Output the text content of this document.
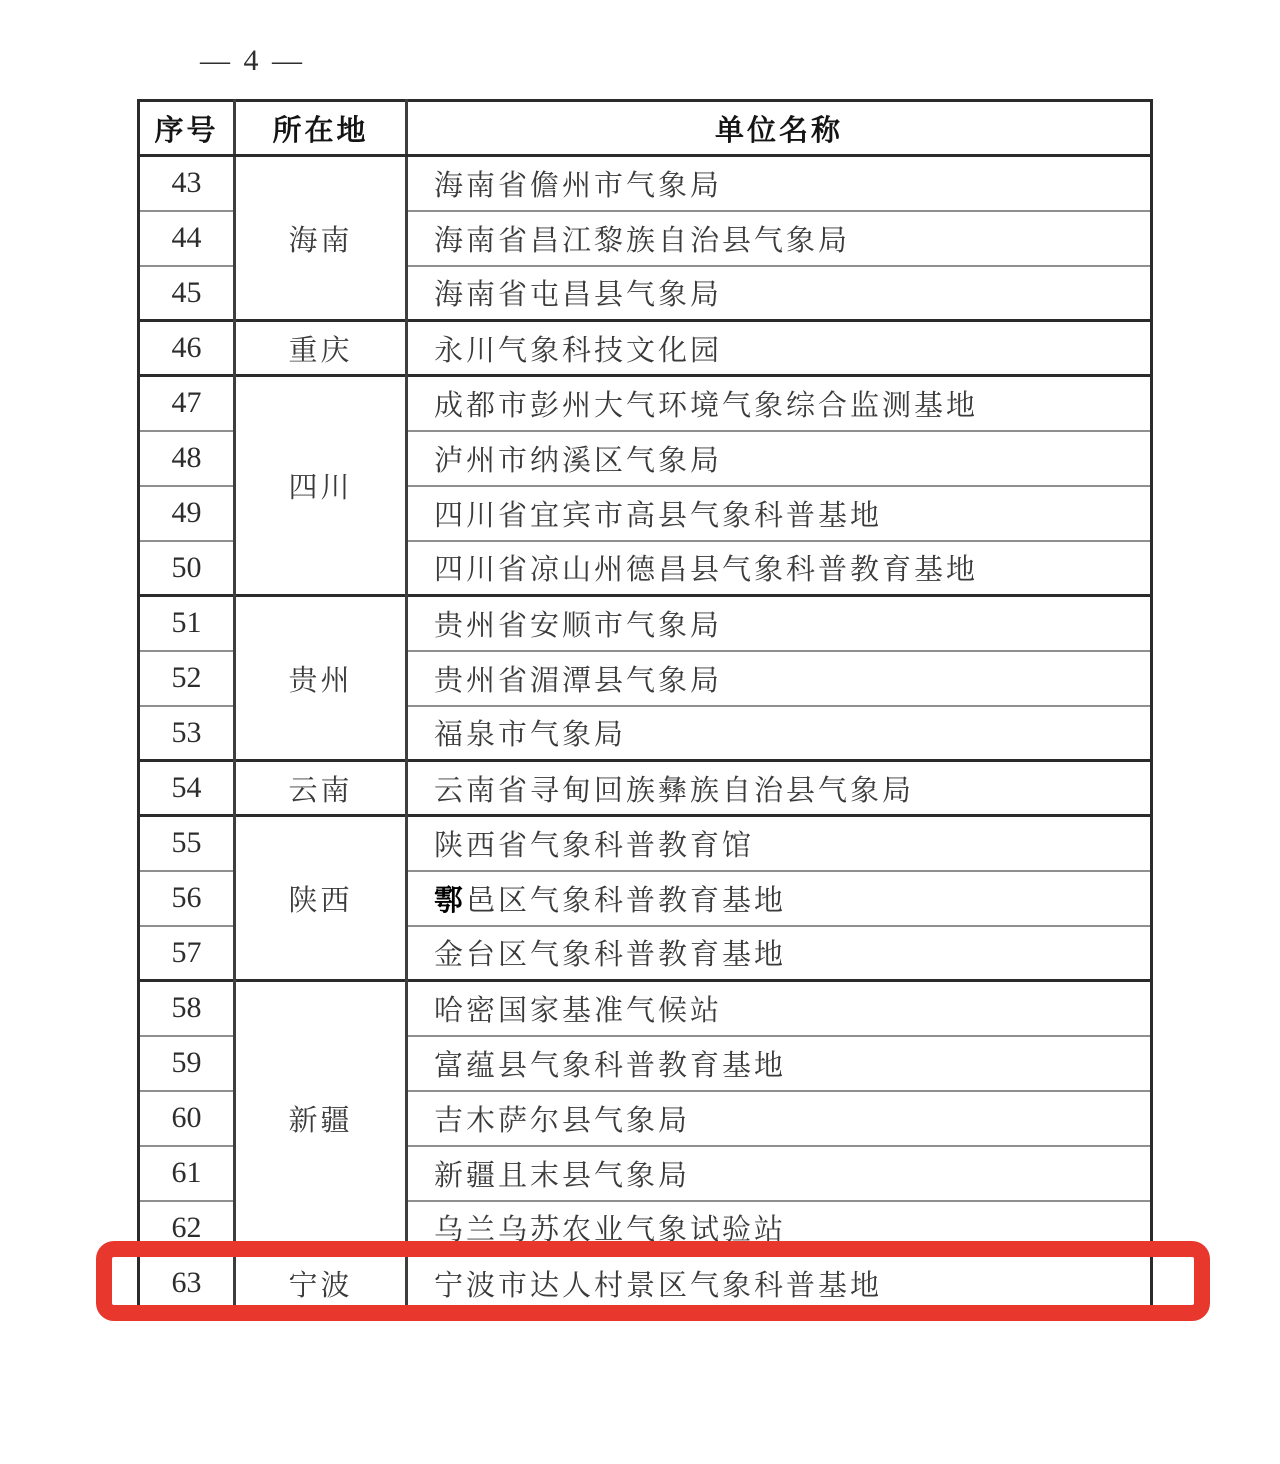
— 4 —
序号	所在地	单位名称
43	海南	海南省儋州市气象局
44		海南省昌江黎族自治县气象局
45		海南省屯昌县气象局
46	重庆	永川气象科技文化园
47	四川	成都市彭州大气环境气象综合监测基地
48		泸州市纳溪区气象局
49		四川省宜宾市高县气象科普基地
50		四川省凉山州德昌县气象科普教育基地
51	贵州	贵州省安顺市气象局
52		贵州省湄潭县气象局
53		福泉市气象局
54	云南	云南省寻甸回族彝族自治县气象局
55	陕西	陕西省气象科普教育馆
56		鄠邑区气象科普教育基地
57		金台区气象科普教育基地
58	新疆	哈密国家基准气候站
59		富蕴县气象科普教育基地
60		吉木萨尔县气象局
61		新疆且末县气象局
62		乌兰乌苏农业气象试验站
63	宁波	宁波市达人村景区气象科普基地
